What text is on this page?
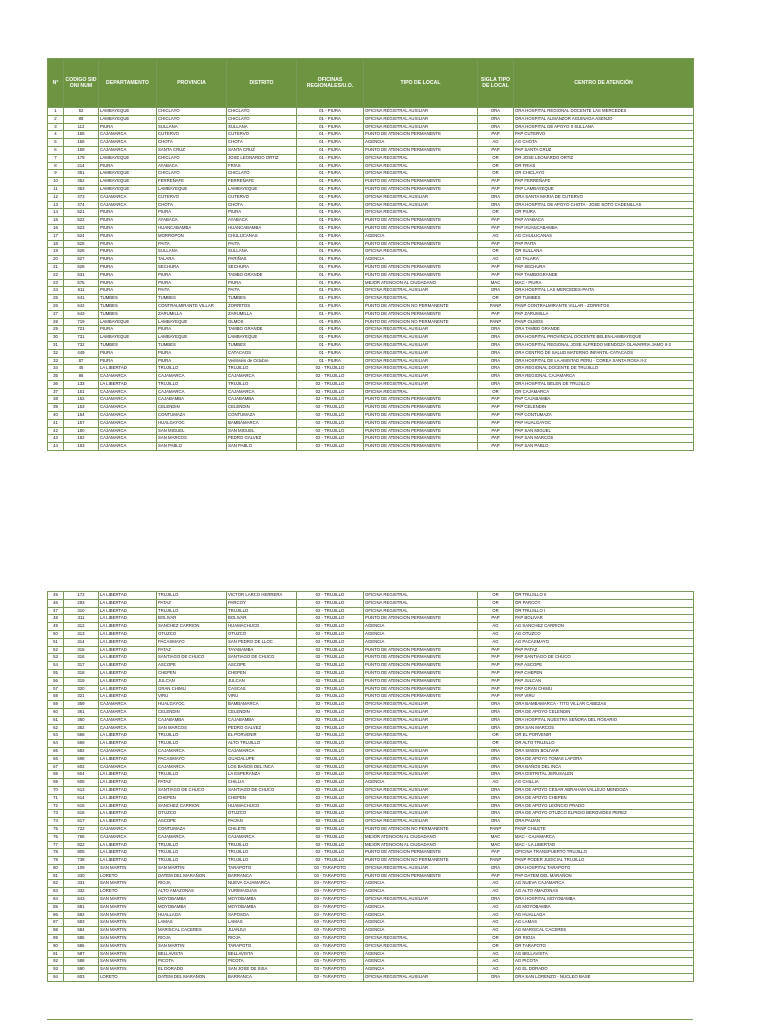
N°	CODIGO SID ONI NUM	DEPARTAMENTO	PROVINCIA	DISTRITO	OFICINAS REGIONALES/U.O.	TIPO DE LOCAL	SIGLA TIPO DE LOCAL	CENTRO DE ATENCIÓN
1	52	LAMBAYEQUE	CHICLAYO	CHICLAYO	01 - PIURA	OFICINA REGISTRAL AUXILIAR	ORA	ORA HOSPITAL REGIONAL DOCENTE LAS MERCEDES
2	88	LAMBAYEQUE	CHICLAYO	CHICLAYO	01 - PIURA	OFICINA REGISTRAL AUXILIAR	ORA	ORA HOSPITAL ALMANZOR AGUINAGA ASENJO
3	112	PIURA	SULLANA	SULLANA	01 - PIURA	OFICINA REGISTRAL AUXILIAR	ORA	ORA HOSPITAL DE APOYO II SULLANA
4	155	CAJAMARCA	CUTERVO	CUTERVO	01 - PIURA	PUNTO DE ATENCION PERMANENTE	PAP	PAP CUTERVO
5	156	CAJAMARCA	CHOTA	CHOTA	01 - PIURA	AGENCIA	AG	AG CHOTA
6	159	CAJAMARCA	SANTA CRUZ	SANTA CRUZ	01 - PIURA	PUNTO DE ATENCION PERMANENTE	PAP	PAP SANTA CRUZ
7	179	LAMBAYEQUE	CHICLAYO	JOSE LEONARDO ORTIZ	01 - PIURA	OFICINA REGISTRAL	OR	OR JOSE LEONARDO ORTIZ
8	214	PIURA	AYABACA	FRIAS	01 - PIURA	OFICINA REGISTRAL	OR	OR FRIAS
9	351	LAMBAYEQUE	CHICLAYO	CHICLAYO	01 - PIURA	OFICINA REGISTRAL	OR	OR CHICLAYO
10	352	LAMBAYEQUE	FERREÑAFE	FERREÑAFE	01 - PIURA	PUNTO DE ATENCION PERMANENTE	PAP	PAP FERREÑAFE
11	353	LAMBAYEQUE	LAMBAYEQUE	LAMBAYEQUE	01 - PIURA	PUNTO DE ATENCION PERMANENTE	PAP	PAP LAMBAYEQUE
12	473	CAJAMARCA	CUTERVO	CUTERVO	01 - PIURA	OFICINA REGISTRAL AUXILIAR	ORA	ORA SANTA MARIA DE CUTERVO
13	474	CAJAMARCA	CHOTA	CHOTA	01 - PIURA	OFICINA REGISTRAL AUXILIAR	ORA	ORA HOSPITAL DE APOYO CHOTA - JOSE SOTO CADENILLAS
14	521	PIURA	PIURA	PIURA	01 - PIURA	OFICINA REGISTRAL	OR	OR PIURA
15	522	PIURA	AYABACA	AYABACA	01 - PIURA	PUNTO DE ATENCION PERMANENTE	PAP	PAP AYABACA
16	523	PIURA	HUANCABAMBA	HUANCABAMBA	01 - PIURA	PUNTO DE ATENCION PERMANENTE	PAP	PAP HUANCABAMBA
17	524	PIURA	MORROPON	CHULUCANAS	01 - PIURA	AGENCIA	AG	AG CHULUCANAS
18	525	PIURA	PAITA	PAITA	01 - PIURA	PUNTO DE ATENCION PERMANENTE	PAP	PAP PAITA
19	526	PIURA	SULLANA	SULLANA	01 - PIURA	OFICINA REGISTRAL	OR	OR SULLANA
20	527	PIURA	TALARA	PARIÑAS	01 - PIURA	AGENCIA	AG	AG TALARA
21	528	PIURA	SECHURA	SECHURA	01 - PIURA	PUNTO DE ATENCION PERMANENTE	PAP	PAP SECHURA
22	531	PIURA	PIURA	TAMBO GRANDE	01 - PIURA	PUNTO DE ATENCION PERMANENTE	PAP	PAP TAMBOGRANDE
23	576	PIURA	PIURA	PIURA	01 - PIURA	MEJOR ATENCION AL CIUDADANO	MAC	MAC - PIURA
24	611	PIURA	PAITA	PAITA	01 - PIURA	OFICINA REGISTRAL AUXILIAR	ORA	ORA HOSPITAL LAS MERCEDES-PAITA
25	641	TUMBES	TUMBES	TUMBES	01 - PIURA	OFICINA REGISTRAL	OR	OR TUMBES
26	642	TUMBES	CONTRALMIRANTE VILLAR	ZORRITOS	01 - PIURA	PUNTO DE ATENCION NO PERMANENTE	PANP	PANP CONTRALMIRANTE VILLAR - ZORRITOS
27	643	TUMBES	ZARUMILLA	ZARUMILLA	01 - PIURA	PUNTO DE ATENCION PERMANENTE	PAP	PAP ZARUMILLA
28	719	LAMBAYEQUE	LAMBAYEQUE	OLMOS	01 - PIURA	PUNTO DE ATENCION NO PERMANENTE	PANP	PANP OLMOS
29	721	PIURA	PIURA	TAMBO GRANDE	01 - PIURA	OFICINA REGISTRAL AUXILIAR	ORA	ORA TAMBO GRANDE
30	731	LAMBAYEQUE	LAMBAYEQUE	LAMBAYEQUE	01 - PIURA	OFICINA REGISTRAL AUXILIAR	ORA	ORA HOSPITAL PROVINCIAL DOCENTE BELEN-LAMBAYEQUE
31	732	TUMBES	TUMBES	TUMBES	01 - PIURA	OFICINA REGISTRAL AUXILIAR	ORA	ORA HOSPITAL REGIONAL JOSE ALFREDO MENDOZA OLAVARRIA JAMO II-2
32	449	PIURA	PIURA	CATACAOS	01 - PIURA	OFICINA REGISTRAL AUXILIAR	ORA	ORA CENTRO DE SALUD MATERNO INFANTIL-CATACAOS
33	87	PIURA	PIURA	Veintiséis de Octubre	01 - PIURA	OFICINA REGISTRAL AUXILIAR	ORA	ORA HOSPITAL DE LA AMISTAD PERU - COREA SANTA ROSA II-2
34	45	LA LIBERTAD	TRUJILLO	TRUJILLO	02 - TRUJILLO	OFICINA REGISTRAL AUXILIAR	ORA	ORA REGIONAL DOCENTE DE TRUJILLO
35	86	CAJAMARCA	CAJAMARCA	CAJAMARCA	02 - TRUJILLO	OFICINA REGISTRAL AUXILIAR	ORA	ORA REGIONAL CAJAMARCA
36	133	LA LIBERTAD	TRUJILLO	TRUJILLO	02 - TRUJILLO	OFICINA REGISTRAL AUXILIAR	ORA	ORA HOSPITAL BELEN DE TRUJILLO
37	151	CAJAMARCA	CAJAMARCA	CAJAMARCA	02 - TRUJILLO	OFICINA REGISTRAL	OR	OR CAJAMARCA
38	152	CAJAMARCA	CAJABAMBA	CAJABAMBA	02 - TRUJILLO	PUNTO DE ATENCION PERMANENTE	PAP	PAP CAJABAMBA
39	153	CAJAMARCA	CELENDIN	CELENDIN	02 - TRUJILLO	PUNTO DE ATENCION PERMANENTE	PAP	PAP CELENDIN
40	154	CAJAMARCA	CONTUMAZA	CONTUMAZA	02 - TRUJILLO	PUNTO DE ATENCION PERMANENTE	PAP	PAP CONTUMAZA
41	157	CAJAMARCA	HUALGAYOC	BAMBAMARCA	02 - TRUJILLO	PUNTO DE ATENCION PERMANENTE	PAP	PAP HUALGAYOC
42	160	CAJAMARCA	SAN MIGUEL	SAN MIGUEL	02 - TRUJILLO	PUNTO DE ATENCION PERMANENTE	PAP	PAP SAN MIGUEL
43	162	CAJAMARCA	SAN MARCOS	PEDRO GALVEZ	02 - TRUJILLO	PUNTO DE ATENCION PERMANENTE	PAP	PAP SAN MARCOS
44	163	CAJAMARCA	SAN PABLO	SAN PABLO	02 - TRUJILLO	PUNTO DE ATENCION PERMANENTE	PAP	PAP SAN PABLO
45	173	LA LIBERTAD	TRUJILLO	VICTOR LARCO HERRERA	02 - TRUJILLO	OFICINA REGISTRAL	OR	OR TRUJILLO II
46	293	LA LIBERTAD	PATAZ	PARCOY	02 - TRUJILLO	OFICINA REGISTRAL	OR	OR PARCOY
47	310	LA LIBERTAD	TRUJILLO	TRUJILLO	02 - TRUJILLO	OFICINA REGISTRAL	OR	OR TRUJILLO I
48	311	LA LIBERTAD	BOLIVAR	BOLIVAR	02 - TRUJILLO	PUNTO DE ATENCION PERMANENTE	PAP	PAP BOLIVAR
49	312	LA LIBERTAD	SANCHEZ CARRION	HUAMACHUCO	02 - TRUJILLO	AGENCIA	AG	AG SANCHEZ CARRION
50	313	LA LIBERTAD	OTUZCO	OTUZCO	02 - TRUJILLO	AGENCIA	AG	AG OTUZCO
51	314	LA LIBERTAD	PACASMAYO	SAN PEDRO DE LLOC	02 - TRUJILLO	AGENCIA	AG	AG PACASMAYO
52	315	LA LIBERTAD	PATAZ	TAYABAMBA	02 - TRUJILLO	PUNTO DE ATENCION PERMANENTE	PAP	PAP PATAZ
53	316	LA LIBERTAD	SANTIAGO DE CHUCO	SANTIAGO DE CHUCO	02 - TRUJILLO	PUNTO DE ATENCION PERMANENTE	PAP	PAP SANTIAGO DE CHUCO
54	317	LA LIBERTAD	ASCOPE	ASCOPE	02 - TRUJILLO	PUNTO DE ATENCION PERMANENTE	PAP	PAP ASCOPE
55	318	LA LIBERTAD	CHEPEN	CHEPEN	02 - TRUJILLO	PUNTO DE ATENCION PERMANENTE	PAP	PAP CHEPEN
56	319	LA LIBERTAD	JULCAN	JULCAN	02 - TRUJILLO	PUNTO DE ATENCION PERMANENTE	PAP	PAP JULCAN
57	320	LA LIBERTAD	GRAN CHIMU	CASCAS	02 - TRUJILLO	PUNTO DE ATENCION PERMANENTE	PAP	PAP GRAN CHIMU
58	321	LA LIBERTAD	VIRU	VIRU	02 - TRUJILLO	PUNTO DE ATENCION PERMANENTE	PAP	PAP VIRU
59	359	CAJAMARCA	HUALGAYOC	BAMBAMARCA	02 - TRUJILLO	OFICINA REGISTRAL AUXILIAR	ORA	ORA BAMBAMARCA - TITO VILLAR CABEZAS
60	361	CAJAMARCA	CELENDIN	CELENDIN	02 - TRUJILLO	OFICINA REGISTRAL AUXILIAR	ORA	ORA DE APOYO CELENDIN
61	360	CAJAMARCA	CAJABAMBA	CAJABAMBA	02 - TRUJILLO	OFICINA REGISTRAL AUXILIAR	ORA	ORA HOSPITAL NUESTRA SEÑORA DEL ROSARIO
62	362	CAJAMARCA	SAN MARCOS	PEDRO GALVEZ	02 - TRUJILLO	OFICINA REGISTRAL AUXILIAR	ORA	ORA SAN MARCOS
63	568	LA LIBERTAD	TRUJILLO	EL PORVENIR	02 - TRUJILLO	OFICINA REGISTRAL	OR	OR EL PORVENIR
64	569	LA LIBERTAD	TRUJILLO	ALTO TRUJILLO	02 - TRUJILLO	OFICINA REGISTRAL	OR	OR ALTO TRUJILLO
65	582	CAJAMARCA	CAJAMARCA	CAJAMARCA	02 - TRUJILLO	OFICINA REGISTRAL AUXILIAR	ORA	ORA SIMON BOLIVAR
66	598	LA LIBERTAD	PACASMAYO	GUADALUPE	02 - TRUJILLO	OFICINA REGISTRAL AUXILIAR	ORA	ORA DE APOYO TOMAS LAFORA
67	602	CAJAMARCA	CAJAMARCA	LOS BAÑOS DEL INCA	02 - TRUJILLO	OFICINA REGISTRAL AUXILIAR	ORA	ORA BAÑOS DEL INCA
68	604	LA LIBERTAD	TRUJILLO	LA ESPERANZA	02 - TRUJILLO	OFICINA REGISTRAL AUXILIAR	ORA	ORA DISTRITAL JERUSALEN
69	605	LA LIBERTAD	PATAZ	CHILLIA	02 - TRUJILLO	AGENCIA	AG	AG CHILLIA
70	613	LA LIBERTAD	SANTIAGO DE CHUCO	SANTIAGO DE CHUCO	02 - TRUJILLO	OFICINA REGISTRAL AUXILIAR	ORA	ORA DE APOYO CESAR ABRAHAM VALLEJO MENDOZA
71	614	LA LIBERTAD	CHEPEN	CHEPEN	02 - TRUJILLO	OFICINA REGISTRAL AUXILIAR	ORA	ORA DE APOYO CHEPEN
72	615	LA LIBERTAD	SANCHEZ CARRION	HUAMACHUCO	02 - TRUJILLO	OFICINA REGISTRAL AUXILIAR	ORA	ORA DE APOYO LEONCIO PRADO
73	616	LA LIBERTAD	OTUZCO	OTUZCO	02 - TRUJILLO	OFICINA REGISTRAL AUXILIAR	ORA	ORA DE APOYO OTUZCO ELPIDIO BEROVIDES PEREZ
74	617	LA LIBERTAD	ASCOPE	PAIJAN	02 - TRUJILLO	OFICINA REGISTRAL AUXILIAR	ORA	ORA PAIJAN
75	722	CAJAMARCA	CONTUMAZA	CHILETE	02 - TRUJILLO	PUNTO DE ATENCION NO PERMANENTE	PANP	PANP CHILETE
76	765	CAJAMARCA	CAJAMARCA	CAJAMARCA	02 - TRUJILLO	MEJOR ATENCION AL CIUDADANO	MAC	MAC - CAJAMARCA
77	822	LA LIBERTAD	TRUJILLO	TRUJILLO	02 - TRUJILLO	MEJOR ATENCION AL CIUDADANO	MAC	MAC - LA LIBERTAD
78	805	LA LIBERTAD	TRUJILLO	TRUJILLO	02 - TRUJILLO	PUNTO DE ATENCION PERMANENTE	PAP	OFICINA TRANSPUERTO TRUJILLO
79	738	LA LIBERTAD	TRUJILLO	TRUJILLO	02 - TRUJILLO	PUNTO DE ATENCION NO PERMANENTE	PANP	PANP PODER JUDICIAL TRUJILLO
80	109	SAN MARTIN	SAN MARTIN	TARAPOTO	03 - TARAPOTO	OFICINA REGISTRAL AUXILIAR	ORA	ORA HOSPITAL TARAPOTO
81	330	LORETO	DATEM DEL MARAÑON	BARRANCA	03 - TARAPOTO	PUNTO DE ATENCION PERMANENTE	PAP	PAP DATEM DEL MARAÑON
82	331	SAN MARTIN	RIOJA	NUEVA CAJAMARCA	03 - TARAPOTO	AGENCIA	AG	AG NUEVA CAJAMARCA
83	332	LORETO	ALTO AMAZONAS	YURIMAGUAS	03 - TARAPOTO	AGENCIA	AG	AG ALTO AMAZONAS
84	543	SAN MARTIN	MOYOBAMBA	MOYOBAMBA	03 - TARAPOTO	OFICINA REGISTRAL AUXILIAR	ORA	ORA HOSPITAL MOYOBAMBA
85	581	SAN MARTIN	MOYOBAMBA	MOYOBAMBA	03 - TARAPOTO	AGENCIA	AG	AG MOYOBAMBA
86	582	SAN MARTIN	HUALLAGA	SAPOSOA	03 - TARAPOTO	AGENCIA	AG	AG HUALLAGA
87	583	SAN MARTIN	LAMAS	LAMAS	03 - TARAPOTO	AGENCIA	AG	AG LAMAS
88	584	SAN MARTIN	MARISCAL CACERES	JUANJUI	03 - TARAPOTO	AGENCIA	AG	AG MARISCAL CACERES
89	585	SAN MARTIN	RIOJA	RIOJA	03 - TARAPOTO	OFICINA REGISTRAL	OR	OR RIOJA
90	586	SAN MARTIN	SAN MARTIN	TARAPOTO	03 - TARAPOTO	OFICINA REGISTRAL	OR	OR TARAPOTO
91	587	SAN MARTIN	BELLAVISTA	BELLAVISTA	03 - TARAPOTO	AGENCIA	AG	AG BELLAVISTA
92	588	SAN MARTIN	PICOTA	PICOTA	03 - TARAPOTO	AGENCIA	AG	AG PICOTA
93	590	SAN MARTIN	EL DORADO	SAN JOSE DE SISA	03 - TARAPOTO	AGENCIA	AG	AG EL DORADO
94	603	LORETO	DATEM DEL MARAÑON	BARRANCA	03 - TARAPOTO	OFICINA REGISTRAL AUXILIAR	ORA	ORA SAN LORENZO - NUCLEO BASE
